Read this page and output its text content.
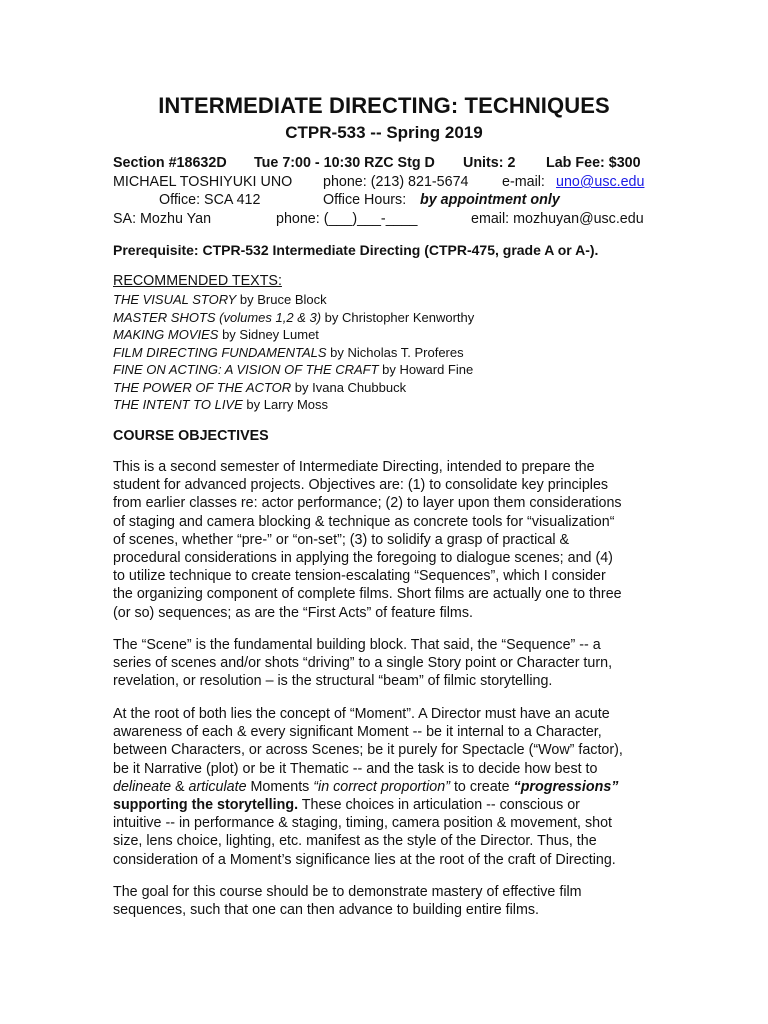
INTERMEDIATE DIRECTING: TECHNIQUES
CTPR-533 -- Spring 2019
Section #18632D Tue 7:00 - 10:30 RZC Stg D Units: 2 Lab Fee: $300
MICHAEL TOSHIYUKI UNO phone: (213) 821-5674 e-mail: uno@usc.edu
Office: SCA 412	Office Hours: by appointment only
SA: Mozhu Yan	phone: (___)___-____	email: mozhuyan@usc.edu
Prerequisite: CTPR-532 Intermediate Directing (CTPR-475, grade A or A-).
RECOMMENDED TEXTS:
THE VISUAL STORY by Bruce Block
MASTER SHOTS (volumes 1,2 & 3) by Christopher Kenworthy
MAKING MOVIES by Sidney Lumet
FILM DIRECTING FUNDAMENTALS by Nicholas T. Proferes
FINE ON ACTING: A VISION OF THE CRAFT by Howard Fine
THE POWER OF THE ACTOR by Ivana Chubbuck
THE INTENT TO LIVE by Larry Moss
COURSE OBJECTIVES
This is a second semester of Intermediate Directing, intended to prepare the
student for advanced projects. Objectives are: (1) to consolidate key principles
from earlier classes re: actor performance; (2) to layer upon them considerations
of staging and camera blocking & technique as concrete tools for “visualization“
of scenes, whether “pre-” or “on-set”; (3) to solidify a grasp of practical &
procedural considerations in applying the foregoing to dialogue scenes; and (4)
to utilize technique to create tension-escalating “Sequences”, which I consider
the organizing component of complete films. Short films are actually one to three
(or so) sequences; as are the “First Acts” of feature films.
The “Scene” is the fundamental building block. That said, the “Sequence” -- a
series of scenes and/or shots “driving” to a single Story point or Character turn,
revelation, or resolution – is the structural “beam” of filmic storytelling.
At the root of both lies the concept of “Moment”. A Director must have an acute
awareness of each & every significant Moment -- be it internal to a Character,
between Characters, or across Scenes; be it purely for Spectacle (“Wow” factor),
be it Narrative (plot) or be it Thematic -- and the task is to decide how best to
delineate & articulate Moments “in correct proportion” to create “progressions”
supporting the storytelling. These choices in articulation -- conscious or
intuitive -- in performance & staging, timing, camera position & movement, shot
size, lens choice, lighting, etc. manifest as the style of the Director. Thus, the
consideration of a Moment’s significance lies at the root of the craft of Directing.
The goal for this course should be to demonstrate mastery of effective film
sequences, such that one can then advance to building entire films.
